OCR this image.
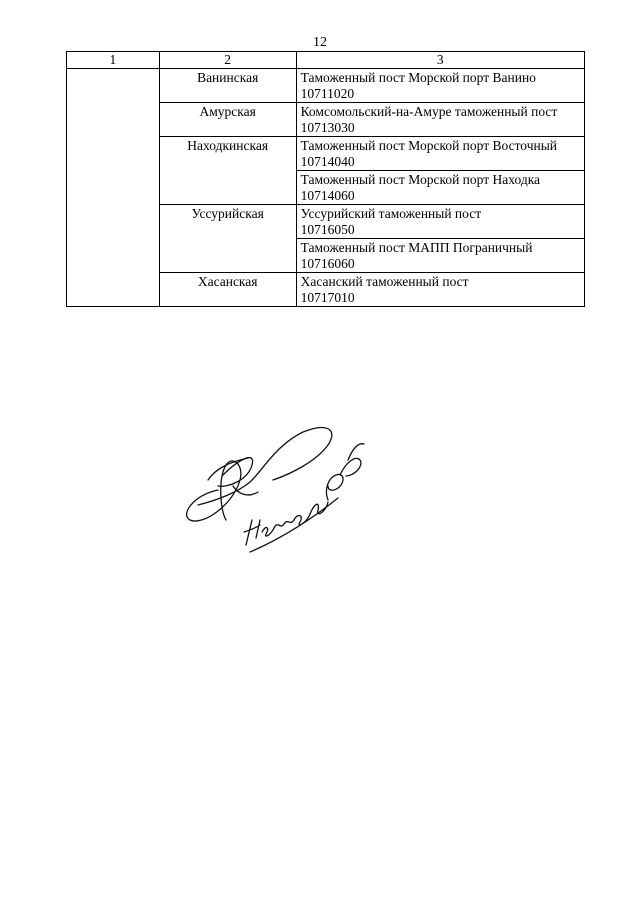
12
1	2	3
	Ванинская	Таможенный пост Морской порт Ванино
10711020

	Амурская	Комсомольский-на-Амуре таможенный пост
10713030

	Находкинская	Таможенный пост Морской порт Восточный
10714040

		Таможенный пост Морской порт Находка
10714060

	Уссурийская	Уссурийский таможенный пост
10716050

		Таможенный пост МАПП Пограничный
10716060

	Хасанская	Хасанский таможенный пост
10717010
